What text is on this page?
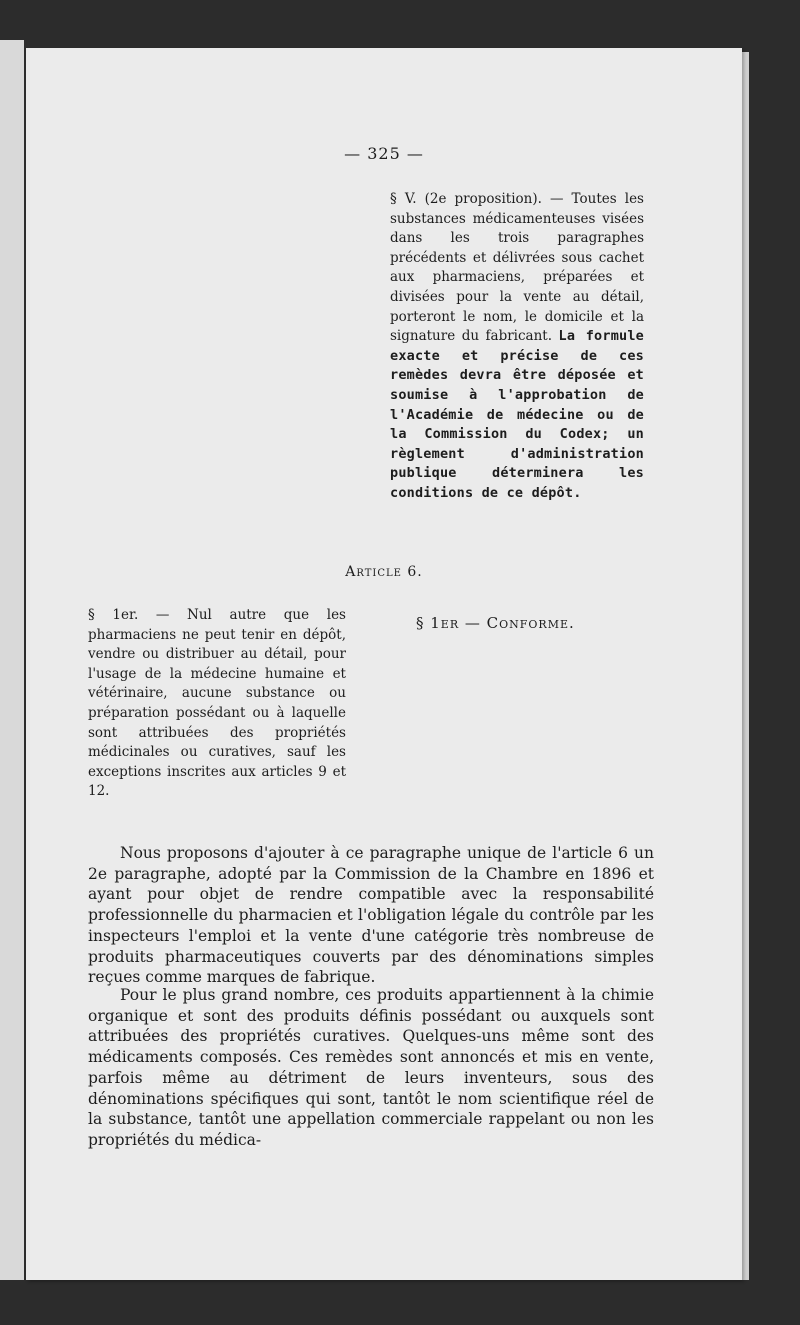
— 325 —
§ V. (2e proposition). — Toutes les substances médicamenteuses visées dans les trois paragraphes précédents et délivrées sous cachet aux pharmaciens, préparées et divisées pour la vente au détail, porteront le nom, le domicile et la signature du fabricant. La formule exacte et précise de ces remèdes devra être déposée et soumise à l'approbation de l'Académie de médecine ou de la Commission du Codex; un règlement d'administration publique déterminera les conditions de ce dépôt.
Article 6.
§ 1er. — Nul autre que les pharmaciens ne peut tenir en dépôt, vendre ou distribuer au détail, pour l'usage de la médecine humaine et vétérinaire, aucune substance ou préparation possédant ou à laquelle sont attribuées des propriétés médicinales ou curatives, sauf les exceptions inscrites aux articles 9 et 12.
§ 1er — Conforme.

Nous proposons d'ajouter à ce paragraphe unique de l'article 6 un 2e paragraphe, adopté par la Commission de la Chambre en 1896 et ayant pour objet de rendre compatible avec la responsabilité professionnelle du pharmacien et l'obligation légale du contrôle par les inspecteurs l'emploi et la vente d'une catégorie très nombreuse de produits pharmaceutiques couverts par des dénominations simples reçues comme marques de fabrique.

Pour le plus grand nombre, ces produits appartiennent à la chimie organique et sont des produits définis possédant ou auxquels sont attribuées des propriétés curatives. Quelques-uns même sont des médicaments composés. Ces remèdes sont annoncés et mis en vente, parfois même au détriment de leurs inventeurs, sous des dénominations spécifiques qui sont, tantôt le nom scientifique réel de la substance, tantôt une appellation commerciale rappelant ou non les propriétés du médica-
